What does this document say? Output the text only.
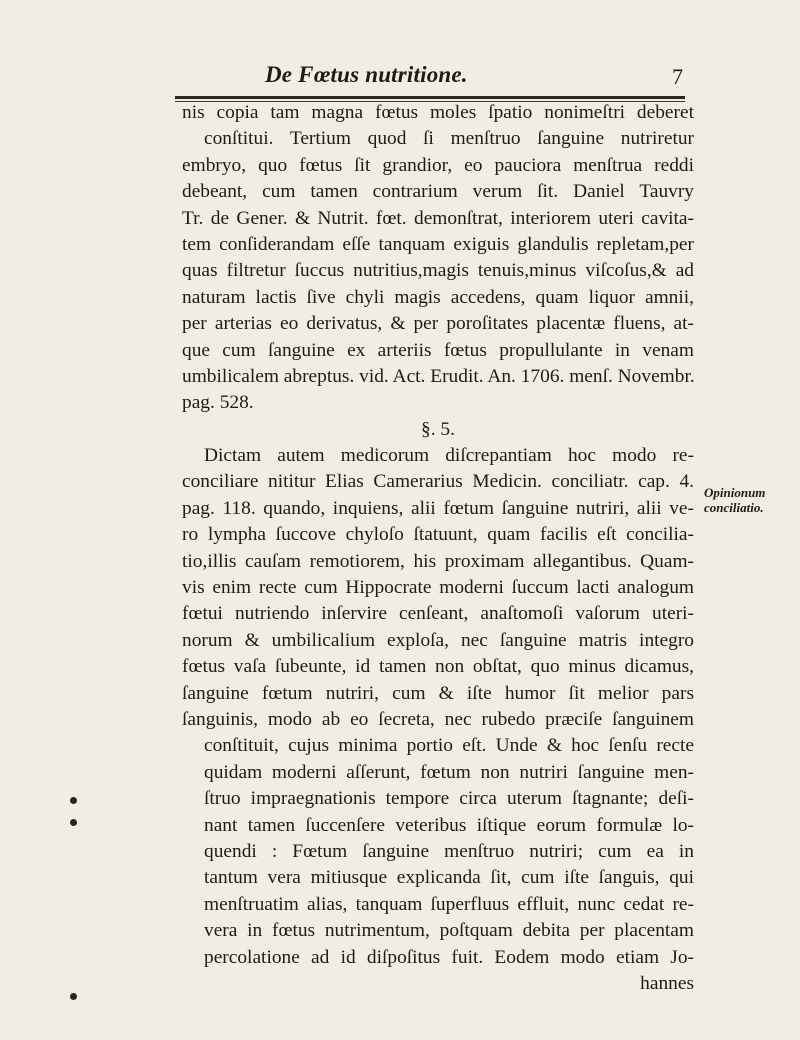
De Fœtus nutritione.	7
nis copia tam magna fœtus moles ſpatio nonimeſtri deberet
conſtitui. Tertium quod ſi menſtruo ſanguine nutriretur
embryo, quo fœtus ſit grandior, eo pauciora menſtrua reddi
debeant, cum tamen contrarium verum ſit. Daniel Tauvry
Tr. de Gener. & Nutrit. fœt. demonſtrat, interiorem uteri cavita-
tem conſiderandam eſſe tanquam exiguis glandulis repletam,per
quas filtretur ſuccus nutritius,magis tenuis,minus viſcoſus,& ad
naturam lactis ſive chyli magis accedens, quam liquor amnii,
per arterias eo derivatus, & per poroſitates placentæ fluens, at-
que cum ſanguine ex arteriis fœtus propullulante in venam
umbilicalem abreptus. vid. Act. Erudit. An. 1706. menſ. Novembr.
pag. 528.
§. 5.
Dictam autem medicorum diſcrepantiam hoc modo re-
conciliare nititur Elias Camerarius Medicin. conciliatr. cap. 4.
pag. 118. quando, inquiens, alii fœtum ſanguine nutriri, alii ve-
ro lympha ſuccove chyloſo ſtatuunt, quam facilis eſt concilia-
tio,illis cauſam remotiorem, his proximam allegantibus. Quam-
vis enim recte cum Hippocrate moderni ſuccum lacti analogum
fœtui nutriendo inſervire cenſeant, anaſtomoſi vaſorum uteri-
norum & umbilicalium exploſa, nec ſanguine matris integro
fœtus vaſa ſubeunte, id tamen non obſtat, quo minus dicamus,
ſanguine fœtum nutriri, cum & iſte humor ſit melior pars
ſanguinis, modo ab eo ſecreta, nec rubedo præciſe ſanguinem
conſtituit, cujus minima portio eſt. Unde & hoc ſenſu recte
quidam moderni aſſerunt, fœtum non nutriri ſanguine men-
ſtruo impraegnationis tempore circa uterum ſtagnante; deſi-
nant tamen ſuccenſere veteribus iſtique eorum formulæ lo-
quendi : Fœtum ſanguine menſtruo nutriri; cum ea in
tantum vera mitiusque explicanda ſit, cum iſte ſanguis, qui
menſtruatim alias, tanquam ſuperfluus effluit, nunc cedat re-
vera in fœtus nutrimentum, poſtquam debita per placentam
percolatione ad id diſpoſitus fuit. Eodem modo etiam Jo-
hannes
Opinionum conciliatio.
